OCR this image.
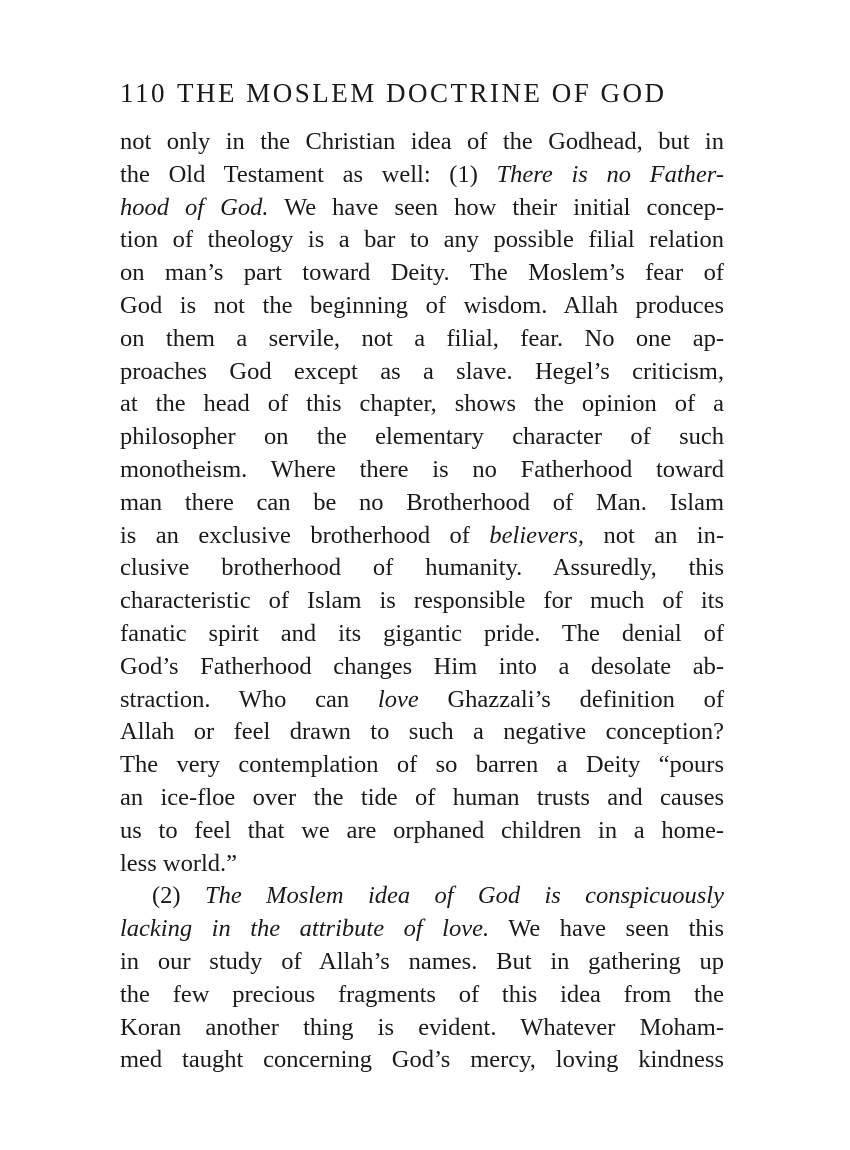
110 THE MOSLEM DOCTRINE OF GOD
not only in the Christian idea of the Godhead, but in
the Old Testament as well: (1) There is no Father-
hood of God. We have seen how their initial concep-
tion of theology is a bar to any possible filial relation
on man’s part toward Deity. The Moslem’s fear of
God is not the beginning of wisdom. Allah produces
on them a servile, not a filial, fear. No one ap-
proaches God except as a slave. Hegel’s criticism,
at the head of this chapter, shows the opinion of a
philosopher on the elementary character of such
monotheism. Where there is no Fatherhood toward
man there can be no Brotherhood of Man. Islam
is an exclusive brotherhood of believers, not an in-
clusive brotherhood of humanity. Assuredly, this
characteristic of Islam is responsible for much of its
fanatic spirit and its gigantic pride. The denial of
God’s Fatherhood changes Him into a desolate ab-
straction. Who can love Ghazzali’s definition of
Allah or feel drawn to such a negative conception?
The very contemplation of so barren a Deity “pours
an ice-floe over the tide of human trusts and causes
us to feel that we are orphaned children in a home-
less world.”
(2) The Moslem idea of God is conspicuously
lacking in the attribute of love. We have seen this
in our study of Allah’s names. But in gathering up
the few precious fragments of this idea from the
Koran another thing is evident. Whatever Moham-
med taught concerning God’s mercy, loving kindness
